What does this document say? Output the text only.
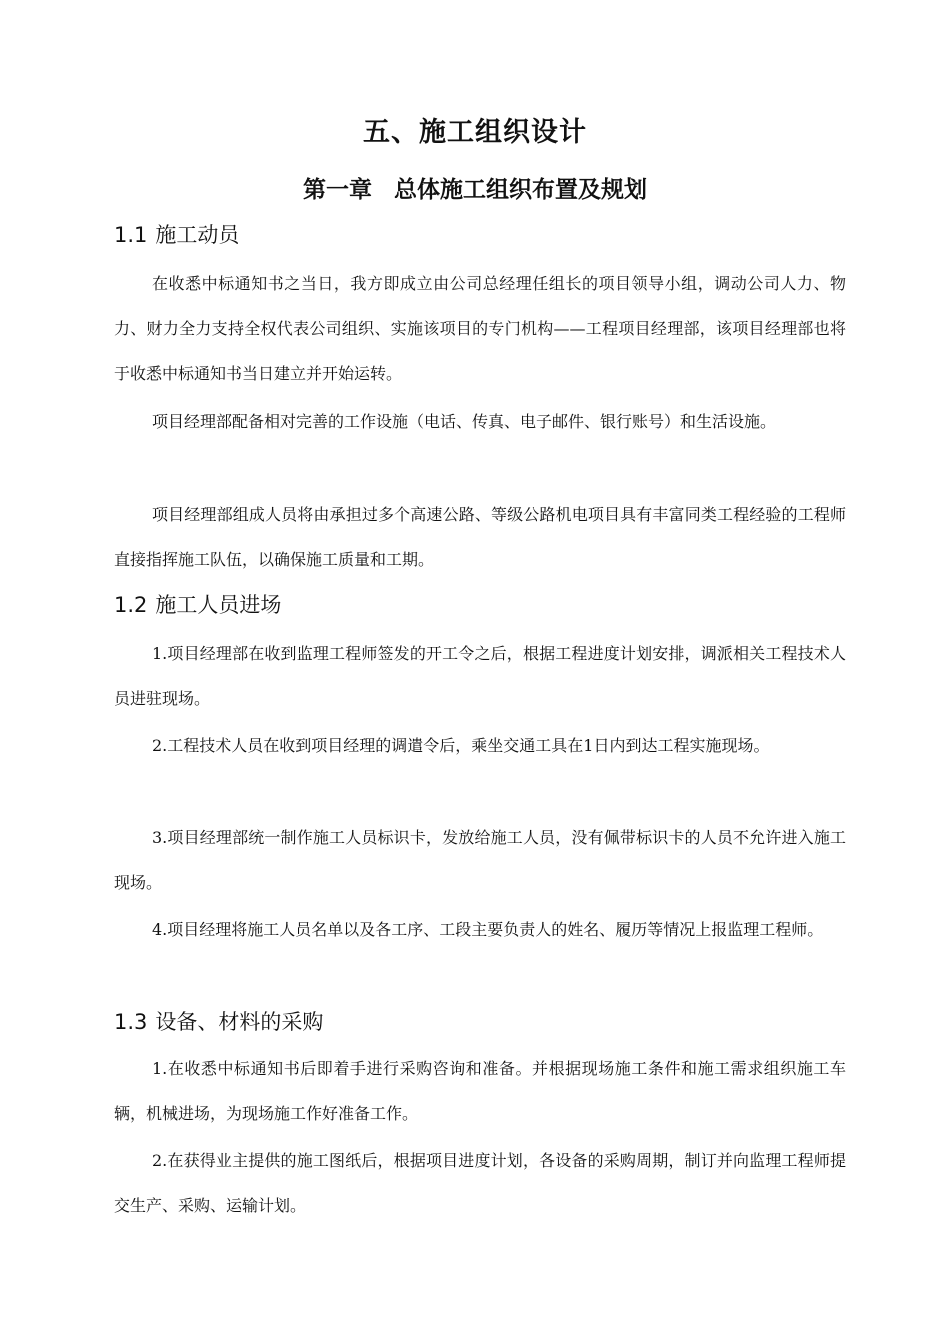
五、施工组织设计
第一章 总体施工组织布置及规划
1.1 施工动员
在收悉中标通知书之当日，我方即成立由公司总经理任组长的项目领导小组，调动公司人力、物力、财力全力支持全权代表公司组织、实施该项目的专门机构——工程项目经理部，该项目经理部也将于收悉中标通知书当日建立并开始运转。
项目经理部配备相对完善的工作设施（电话、传真、电子邮件、银行账号）和生活设施。
项目经理部组成人员将由承担过多个高速公路、等级公路机电项目具有丰富同类工程经验的工程师直接指挥施工队伍，以确保施工质量和工期。
1.2 施工人员进场
1.项目经理部在收到监理工程师签发的开工令之后，根据工程进度计划安排，调派相关工程技术人员进驻现场。
2.工程技术人员在收到项目经理的调遣令后，乘坐交通工具在1日内到达工程实施现场。
3.项目经理部统一制作施工人员标识卡，发放给施工人员，没有佩带标识卡的人员不允许进入施工现场。
4.项目经理将施工人员名单以及各工序、工段主要负责人的姓名、履历等情况上报监理工程师。
1.3 设备、材料的采购
1.在收悉中标通知书后即着手进行采购咨询和准备。并根据现场施工条件和施工需求组织施工车辆，机械进场，为现场施工作好准备工作。
2.在获得业主提供的施工图纸后，根据项目进度计划，各设备的采购周期，制订并向监理工程师提交生产、采购、运输计划。
